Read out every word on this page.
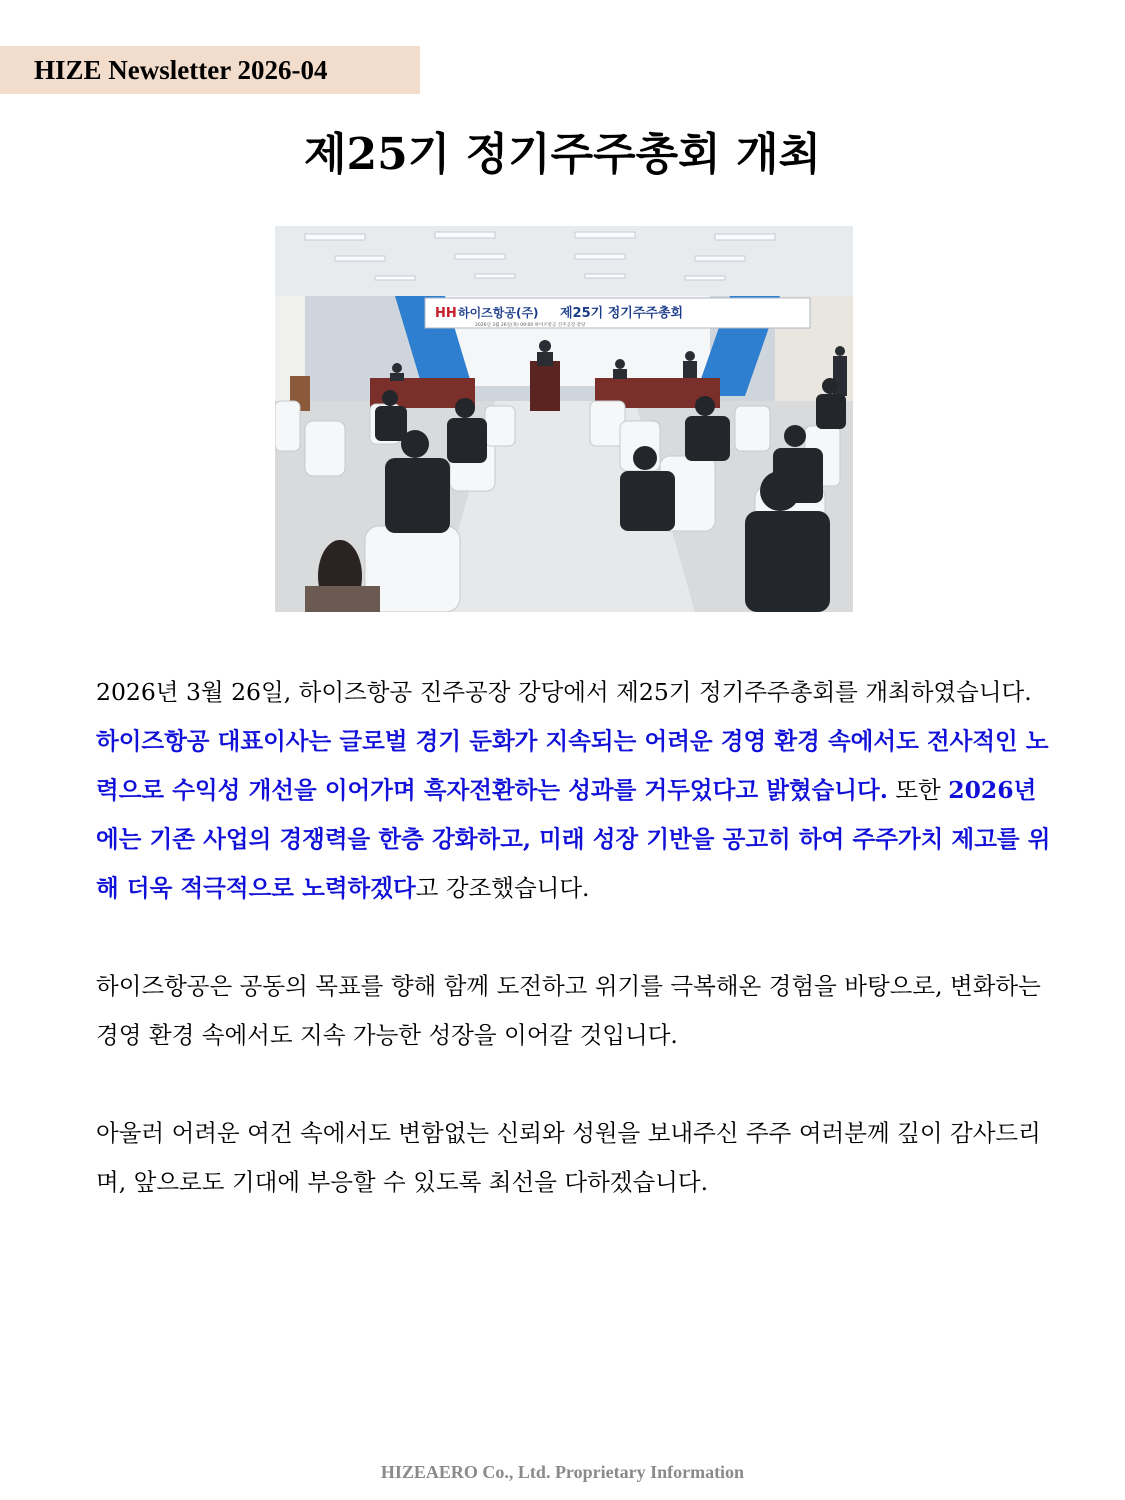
HIZE Newsletter 2026-04
제25기 정기주주총회 개최
HH 하이즈항공(주) 제25기 정기주주총회
2026년 3월 26일(목) 09:00 하이즈항공 진주공장 강당

2026년 3월 26일, 하이즈항공 진주공장 강당에서 제25기 정기주주총회를 개최하였습니다. 하이즈항공 대표이사는 글로벌 경기 둔화가 지속되는 어려운 경영 환경 속에서도 전사적인 노력으로 수익성 개선을 이어가며 흑자전환하는 성과를 거두었다고 밝혔습니다. 또한 2026년에는 기존 사업의 경쟁력을 한층 강화하고, 미래 성장 기반을 공고히 하여 주주가치 제고를 위해 더욱 적극적으로 노력하겠다고 강조했습니다.

하이즈항공은 공동의 목표를 향해 함께 도전하고 위기를 극복해온 경험을 바탕으로, 변화하는 경영 환경 속에서도 지속 가능한 성장을 이어갈 것입니다.

아울러 어려운 여건 속에서도 변함없는 신뢰와 성원을 보내주신 주주 여러분께 깊이 감사드리며, 앞으로도 기대에 부응할 수 있도록 최선을 다하겠습니다.

HIZEAERO Co., Ltd. Proprietary Information
